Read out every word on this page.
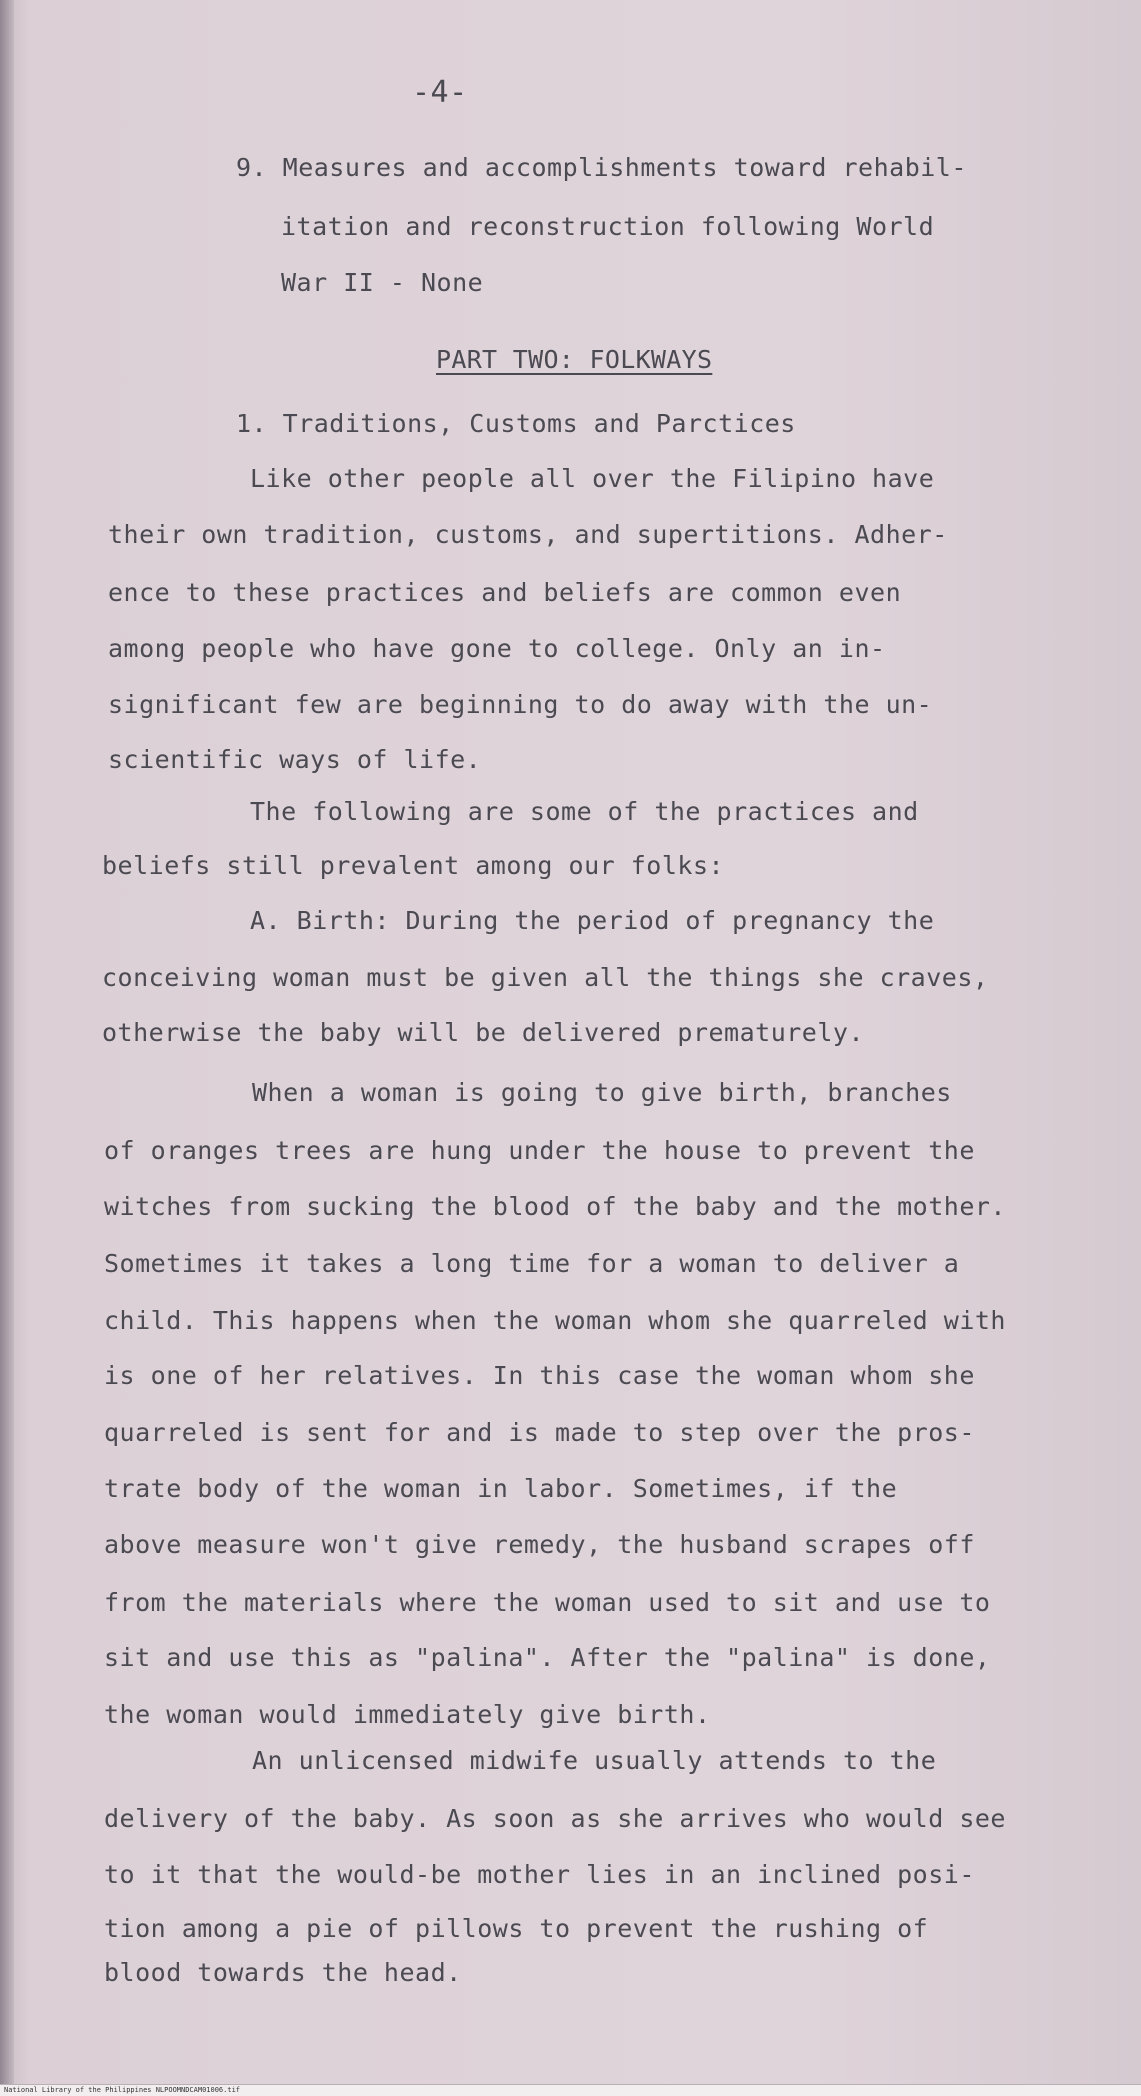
-4-
9. Measures and accomplishments toward rehabil-
itation and reconstruction following World
War II - None
PART TWO: FOLKWAYS
1. Traditions, Customs and Parctices
Like other people all over the Filipino have
their own tradition, customs, and supertitions. Adher-
ence to these practices and beliefs are common even
among people who have gone to college. Only an in-
significant few are beginning to do away with the un-
scientific ways of life.
The following are some of the practices and
beliefs still prevalent among our folks:
A. Birth: During the period of pregnancy the
conceiving woman must be given all the things she craves,
otherwise the baby will be delivered prematurely.
When a woman is going to give birth, branches
of oranges trees are hung under the house to prevent the
witches from sucking the blood of the baby and the mother.
Sometimes it takes a long time for a woman to deliver a
child. This happens when the woman whom she quarreled with
is one of her relatives. In this case the woman whom she
quarreled is sent for and is made to step over the pros-
trate body of the woman in labor. Sometimes, if the
above measure won't give remedy, the husband scrapes off
from the materials where the woman used to sit and use to
sit and use this as "palina". After the "palina" is done,
the woman would immediately give birth.
An unlicensed midwife usually attends to the
delivery of the baby. As soon as she arrives who would see
to it that the would-be mother lies in an inclined posi-
tion among a pie of pillows to prevent the rushing of
blood towards the head.
National Library of the Philippines NLPOOMNDCAM01006.tif
